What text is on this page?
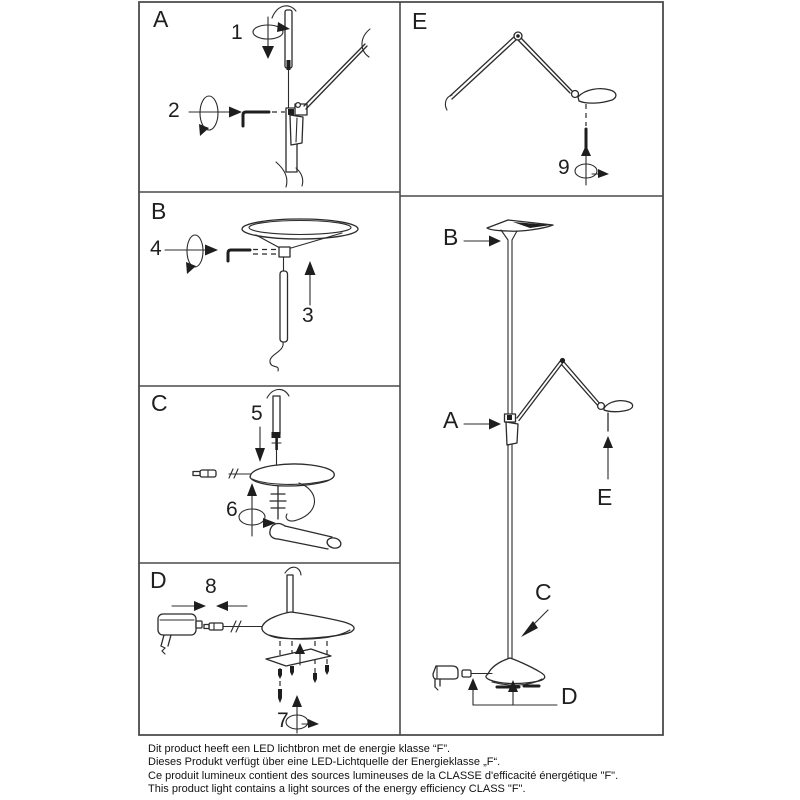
A
1
2
B
4
3
C	5
6
D 8
7
E
9
B
A
E
C
D
Dit product heeft een LED lichtbron met de energie klasse “F”.
Dieses Produkt verfügt über eine LED-Lichtquelle der Energieklasse „F“.
Ce produit lumineux contient des sources lumineuses de la CLASSE d'efficacité énergétique "F".
This product light contains a light sources of the energy efficiency CLASS "F".
